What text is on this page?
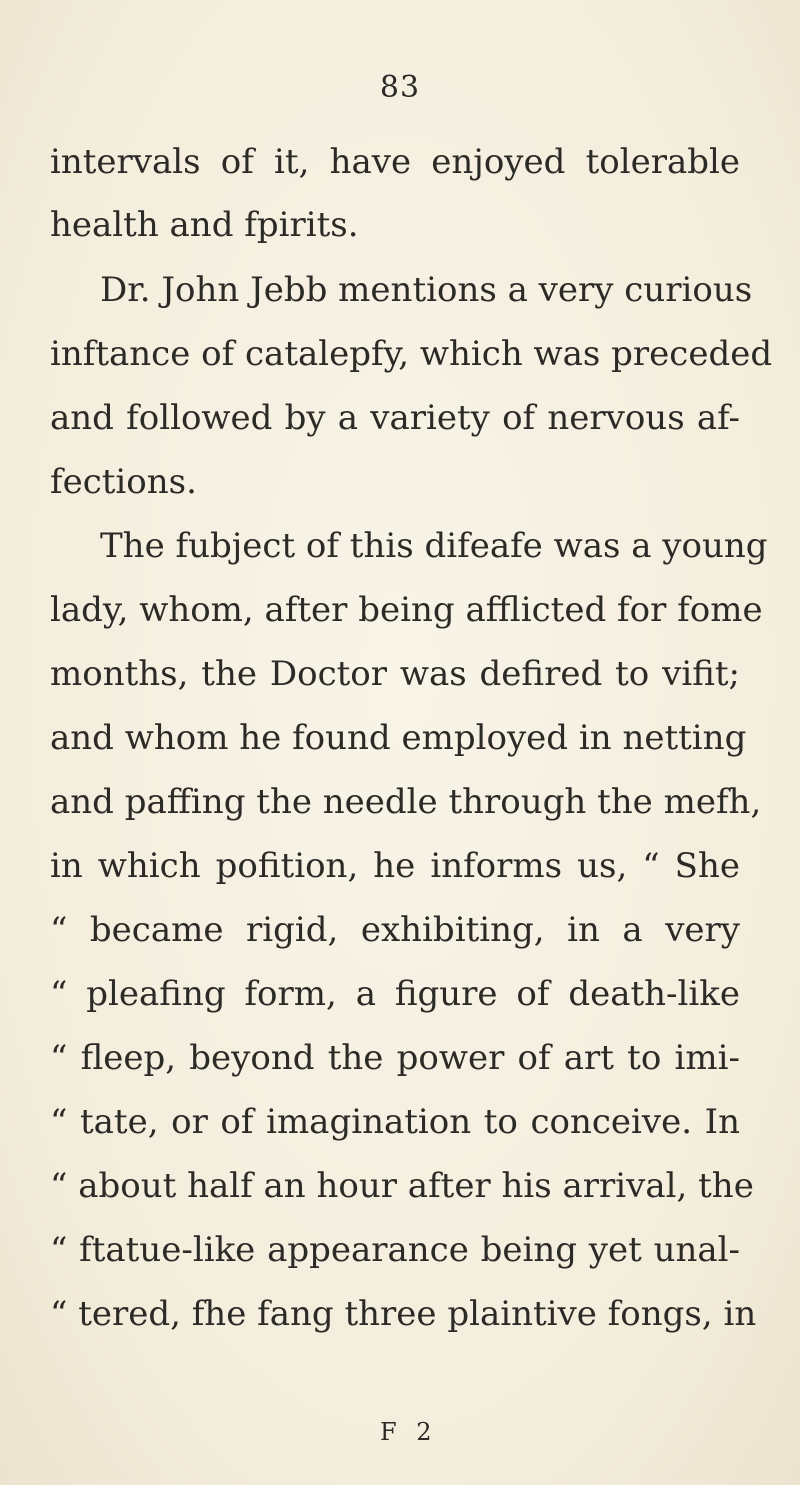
83
intervals of it, have enjoyed tolerable
health and fpirits.
Dr. John Jebb mentions a very curious
inftance of catalepfy, which was preceded
and followed by a variety of nervous af-
fections.
The fubject of this difeafe was a young
lady, whom, after being afflicted for fome
months, the Doctor was defired to vifit;
and whom he found employed in netting
and paffing the needle through the mefh,
in which pofition, he informs us, “ She
“ became rigid, exhibiting, in a very
“ pleafing form, a figure of death-like
“ fleep, beyond the power of art to imi-
“ tate, or of imagination to conceive. In
“ about half an hour after his arrival, the
“ ftatue-like appearance being yet unal-
“ tered, fhe fang three plaintive fongs, in
F 2
